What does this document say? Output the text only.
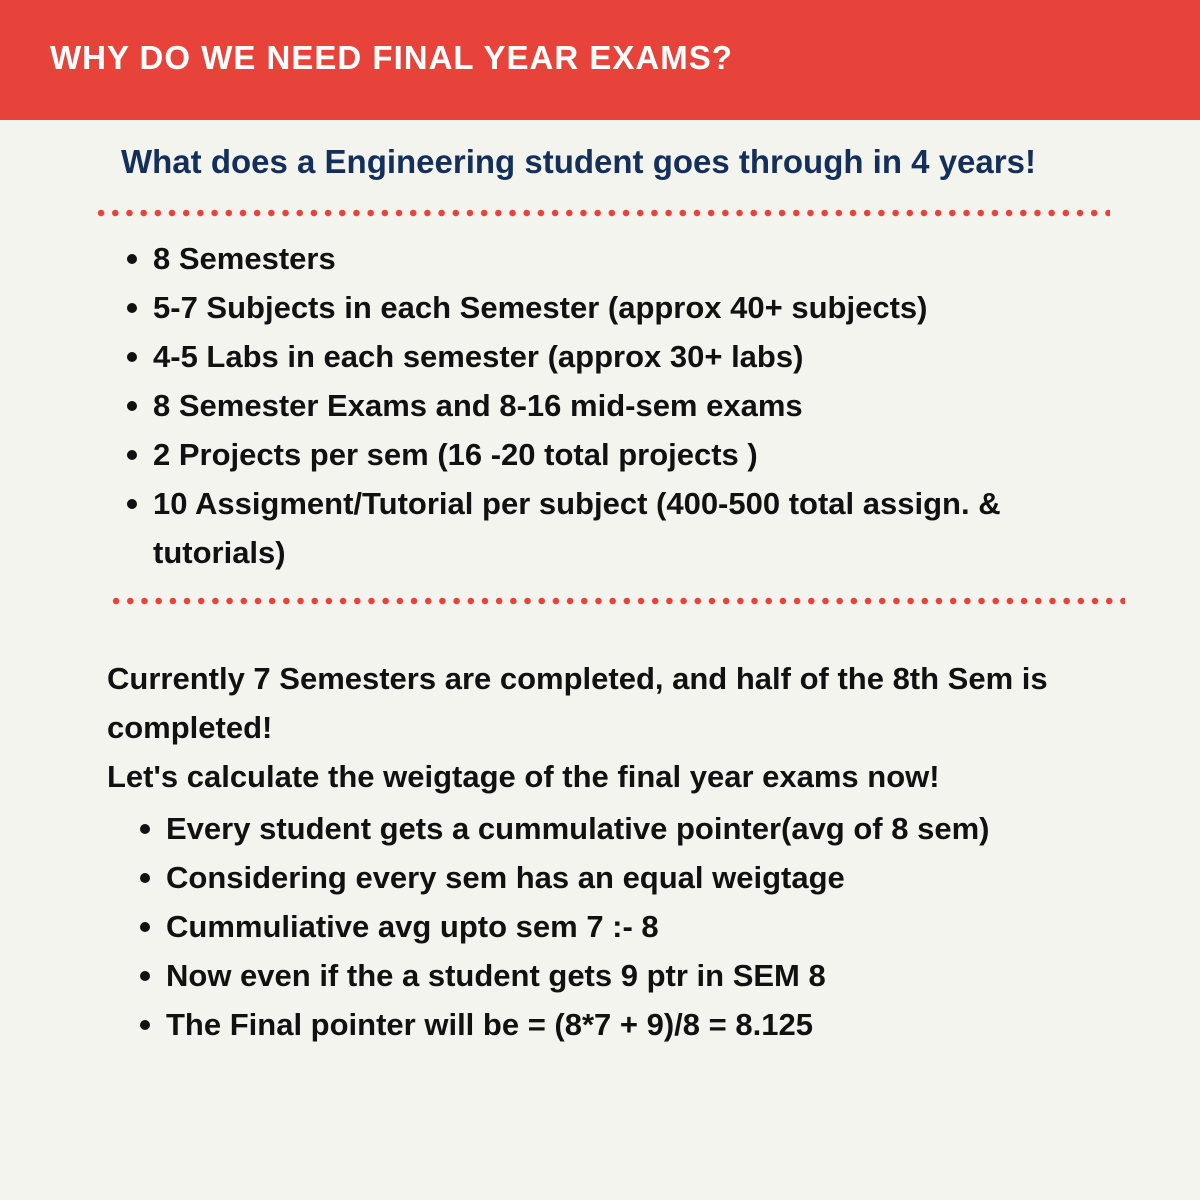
WHY DO WE NEED FINAL YEAR EXAMS?
What does a Engineering student goes through in 4 years!
8 Semesters
5-7 Subjects in each Semester (approx 40+ subjects)
4-5 Labs in each semester (approx 30+ labs)
8 Semester Exams and 8-16 mid-sem exams
2 Projects per sem (16 -20 total projects )
10 Assigment/Tutorial per subject (400-500 total assign. & tutorials)
Currently 7 Semesters are completed, and half of the 8th Sem is completed!
Let's calculate the weigtage of the final year exams now!
Every student gets a cummulative pointer(avg of 8 sem)
Considering every sem has an equal weigtage
Cummuliative avg upto sem 7 :- 8
Now even if the a student gets 9 ptr in SEM 8
The Final pointer will be = (8*7 + 9)/8 = 8.125
